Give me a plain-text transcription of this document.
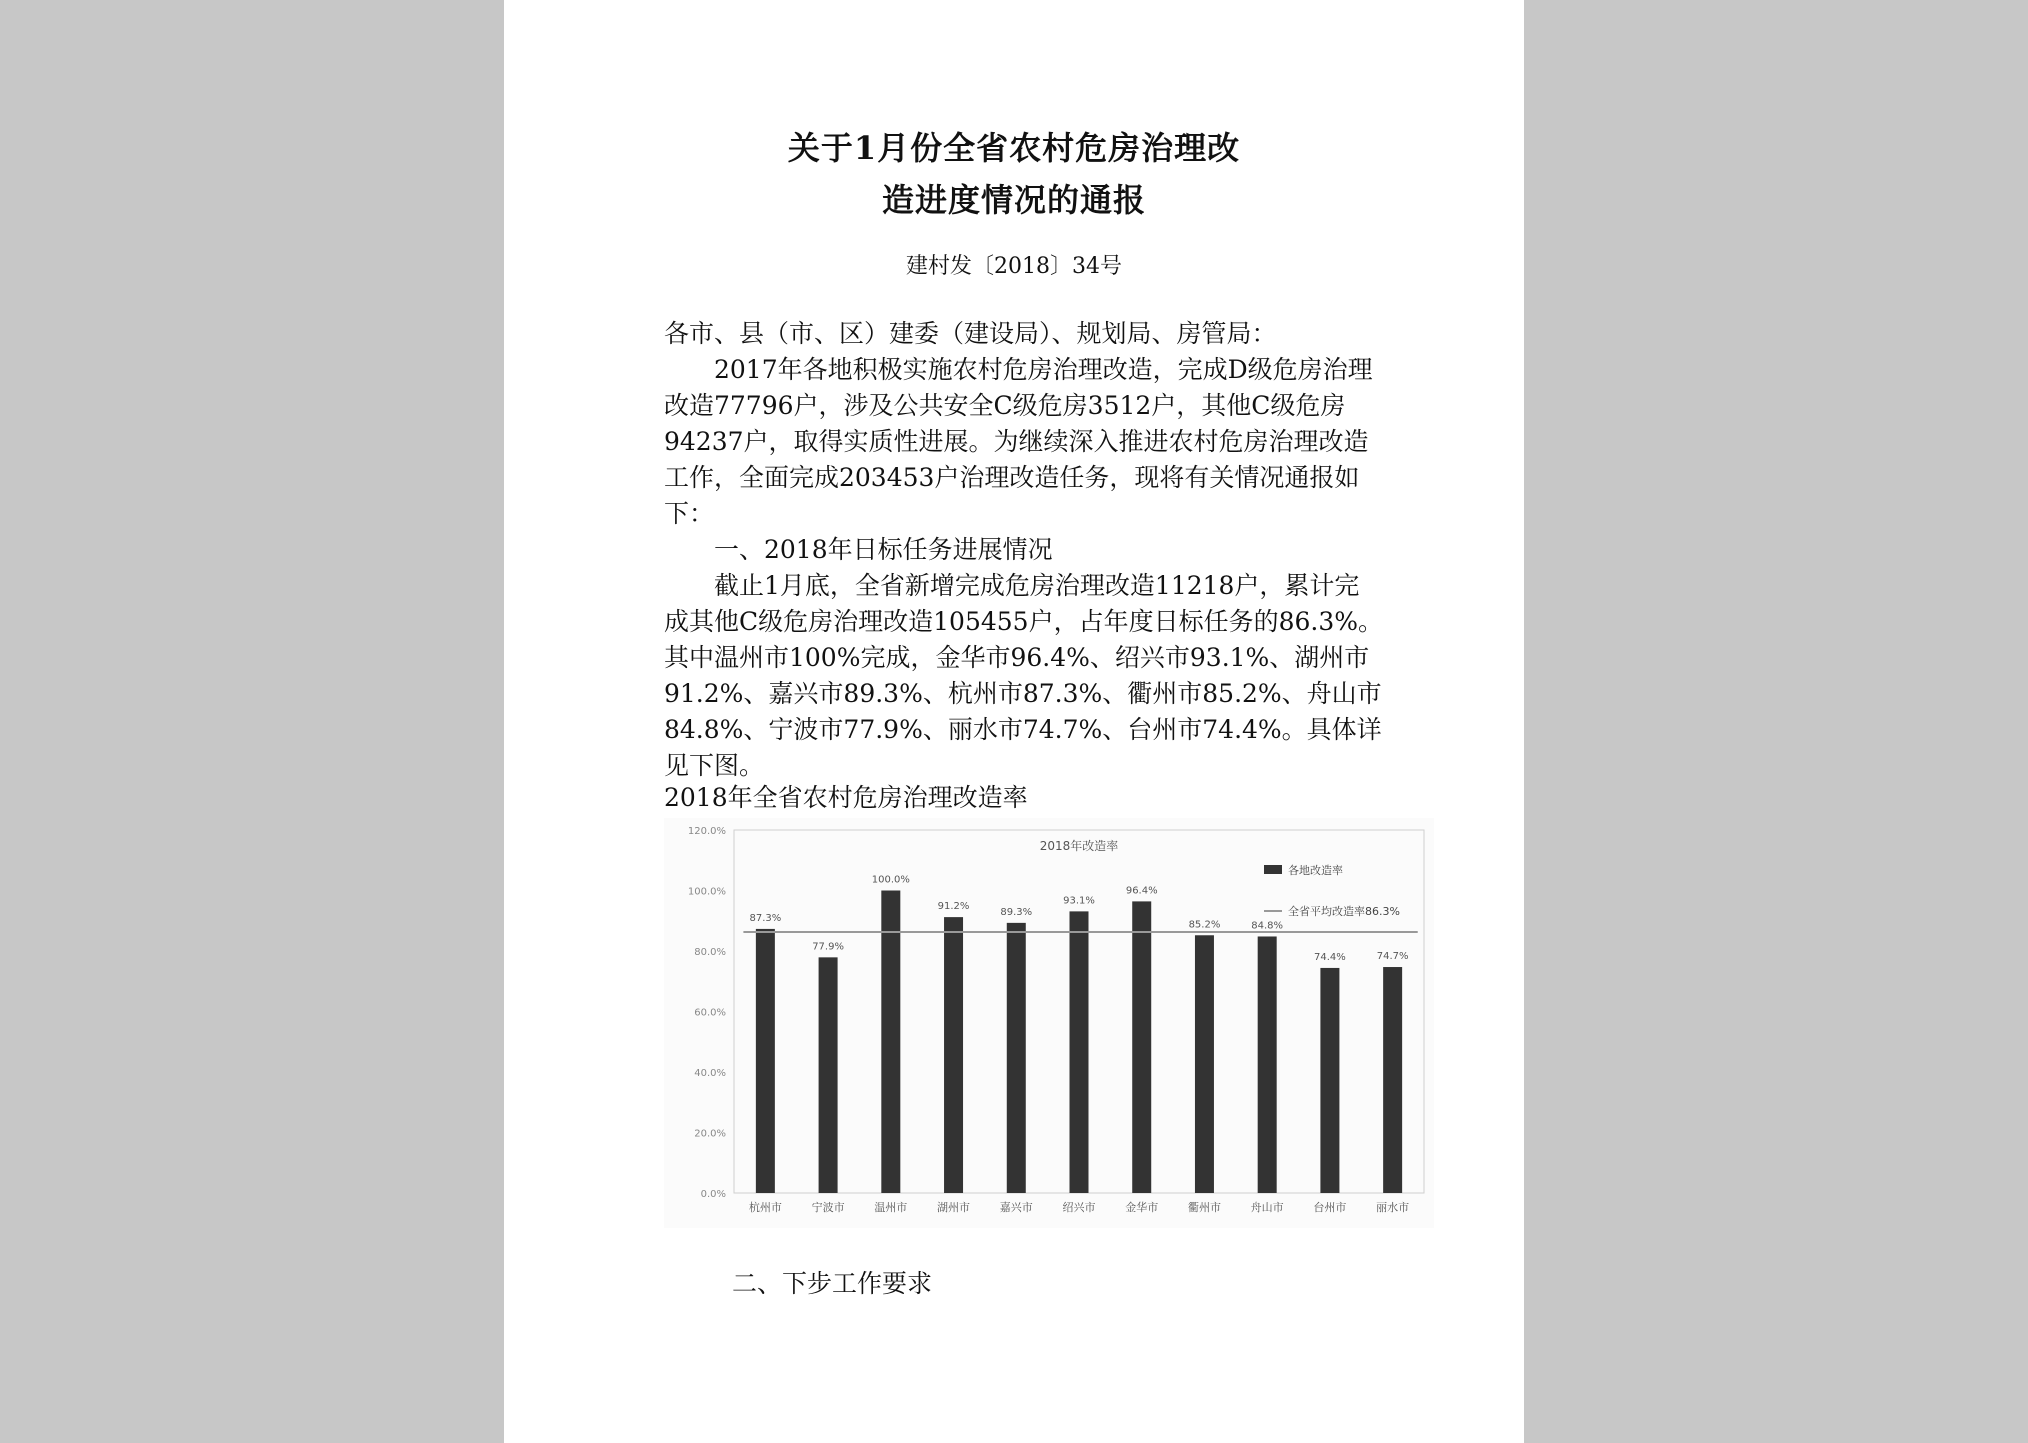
关于1月份全省农村危房治理改
造进度情况的通报
建村发〔2018〕34号

各市、县（市、区）建委（建设局）、规划局、房管局：

2017年各地积极实施农村危房治理改造，完成D级危房治理改造77796户，涉及公共安全C级危房3512户，其他C级危房94237户，取得实质性进展。为继续深入推进农村危房治理改造工作，全面完成203453户治理改造任务，现将有关情况通报如下：

一、2018年日标任务进展情况

截止1月底，全省新增完成危房治理改造11218户，累计完成其他C级危房治理改造105455户，占年度日标任务的86.3%。其中温州市100%完成，金华市96.4%、绍兴市93.1%、湖州市91.2%、嘉兴市89.3%、杭州市87.3%、衢州市85.2%、舟山市84.8%、宁波市77.9%、丽水市74.7%、台州市74.4%。具体详见下图。

2018年全省农村危房治理改造率
0.0%
20.0%
40.0%
60.0%
80.0%
100.0%
120.0%
2018年改造率
87.3%
杭州市
77.9%
宁波市
100.0%
温州市
91.2%
湖州市
89.3%
嘉兴市
93.1%
绍兴市
96.4%
金华市
85.2%
衢州市
84.8%
舟山市
74.4%
台州市
74.7%
丽水市
各地改造率
全省平均改造率86.3%
二、下步工作要求
